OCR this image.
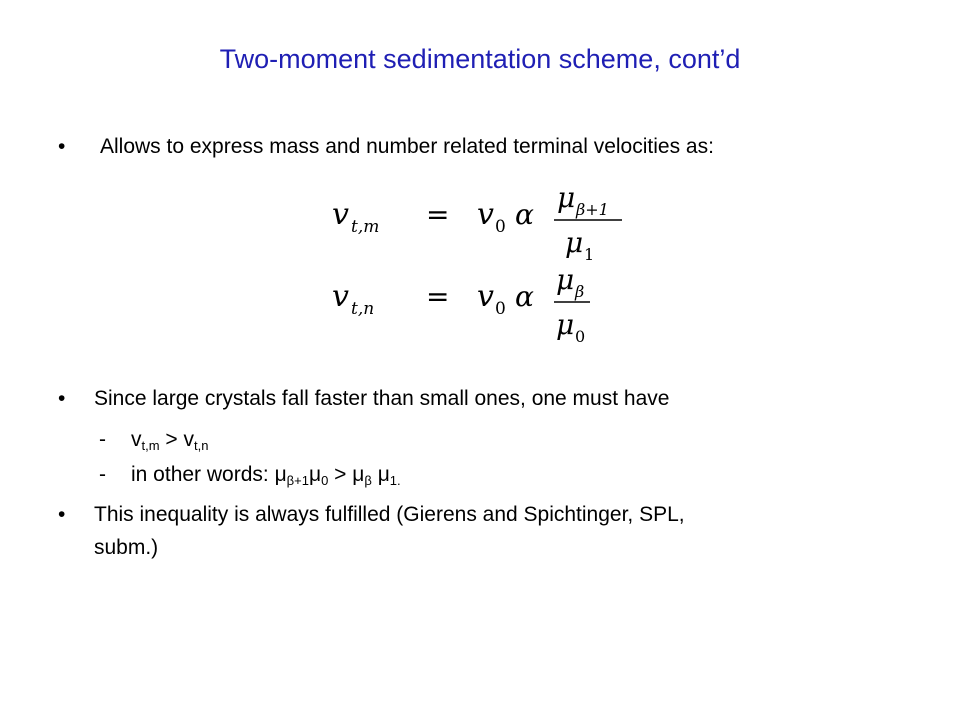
Two-moment sedimentation scheme, cont’d
• Allows to express mass and number related terminal velocities as:
v t,m = v 0 α
μ β+1
μ 1
v t,n = v 0 α
μ β
μ 0
• Since large crystals fall faster than small ones, one must have
- $v_{t,m} > v_{t,n}$
- in other words: $\mu_{\beta+1}\mu_0 > \mu_\beta$ $\mu_{1.}$
• This inequality is always fulfilled (Gierens and Spichtinger, SPL,
subm.)
